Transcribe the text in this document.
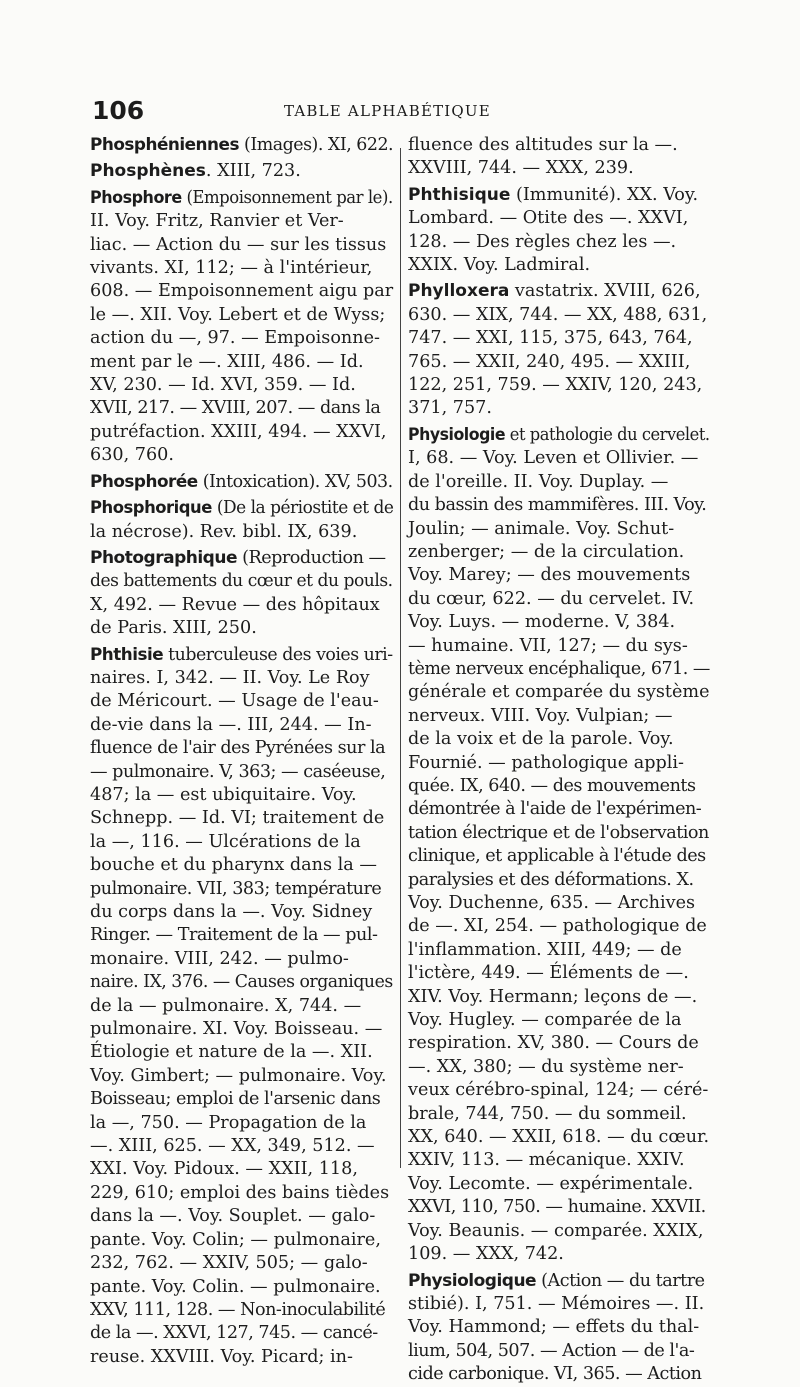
106	TABLE ALPHABÉTIQUE
Phosphéniennes (Images). XI, 622.
Phosphènes. XIII, 723.
Phosphore (Empoisonnement par le).
II. Voy. Fritz, Ranvier et Ver-
liac. — Action du — sur les tissus
vivants. XI, 112; — à l'intérieur,
608. — Empoisonnement aigu par
le —. XII. Voy. Lebert et de Wyss;
action du —, 97. — Empoisonne-
ment par le —. XIII, 486. — Id.
XV, 230. — Id. XVI, 359. — Id.
XVII, 217. — XVIII, 207. — dans la
putréfaction. XXIII, 494. — XXVI,
630, 760.
Phosphorée (Intoxication). XV, 503.
Phosphorique (De la périostite et de
la nécrose). Rev. bibl. IX, 639.
Photographique (Reproduction —
des battements du cœur et du pouls.
X, 492. — Revue — des hôpitaux
de Paris. XIII, 250.
Phthisie tuberculeuse des voies uri-
naires. I, 342. — II. Voy. Le Roy
de Méricourt. — Usage de l'eau-
de-vie dans la —. III, 244. — In-
fluence de l'air des Pyrénées sur la
— pulmonaire. V, 363; — caséeuse,
487; la — est ubiquitaire. Voy.
Schnepp. — Id. VI; traitement de
la —, 116. — Ulcérations de la
bouche et du pharynx dans la —
pulmonaire. VII, 383; température
du corps dans la —. Voy. Sidney
Ringer. — Traitement de la — pul-
monaire. VIII, 242. — pulmo-
naire. IX, 376. — Causes organiques
de la — pulmonaire. X, 744. —
pulmonaire. XI. Voy. Boisseau. —
Étiologie et nature de la —. XII.
Voy. Gimbert; — pulmonaire. Voy.
Boisseau; emploi de l'arsenic dans
la —, 750. — Propagation de la
—. XIII, 625. — XX, 349, 512. —
XXI. Voy. Pidoux. — XXII, 118,
229, 610; emploi des bains tièdes
dans la —. Voy. Souplet. — galo-
pante. Voy. Colin; — pulmonaire,
232, 762. — XXIV, 505; — galo-
pante. Voy. Colin. — pulmonaire.
XXV, 111, 128. — Non-inoculabilité
de la —. XXVI, 127, 745. — cancé-
reuse. XXVIII. Voy. Picard; in-
fluence des altitudes sur la —.
XXVIII, 744. — XXX, 239.
Phthisique (Immunité). XX. Voy.
Lombard. — Otite des —. XXVI,
128. — Des règles chez les —.
XXIX. Voy. Ladmiral.
Phylloxera vastatrix. XVIII, 626,
630. — XIX, 744. — XX, 488, 631,
747. — XXI, 115, 375, 643, 764,
765. — XXII, 240, 495. — XXIII,
122, 251, 759. — XXIV, 120, 243,
371, 757.
Physiologie et pathologie du cervelet.
I, 68. — Voy. Leven et Ollivier. —
de l'oreille. II. Voy. Duplay. —
du bassin des mammifères. III. Voy.
Joulin; — animale. Voy. Schut-
zenberger; — de la circulation.
Voy. Marey; — des mouvements
du cœur, 622. — du cervelet. IV.
Voy. Luys. — moderne. V, 384.
— humaine. VII, 127; — du sys-
tème nerveux encéphalique, 671. —
générale et comparée du système
nerveux. VIII. Voy. Vulpian; —
de la voix et de la parole. Voy.
Fournié. — pathologique appli-
quée. IX, 640. — des mouvements
démontrée à l'aide de l'expérimen-
tation électrique et de l'observation
clinique, et applicable à l'étude des
paralysies et des déformations. X.
Voy. Duchenne, 635. — Archives
de —. XI, 254. — pathologique de
l'inflammation. XIII, 449; — de
l'ictère, 449. — Éléments de —.
XIV. Voy. Hermann; leçons de —.
Voy. Hugley. — comparée de la
respiration. XV, 380. — Cours de
—. XX, 380; — du système ner-
veux cérébro-spinal, 124; — céré-
brale, 744, 750. — du sommeil.
XX, 640. — XXII, 618. — du cœur.
XXIV, 113. — mécanique. XXIV.
Voy. Lecomte. — expérimentale.
XXVI, 110, 750. — humaine. XXVII.
Voy. Beaunis. — comparée. XXIX,
109. — XXX, 742.
Physiologique (Action — du tartre
stibié). I, 751. — Mémoires —. II.
Voy. Hammond; — effets du thal-
lium, 504, 507. — Action — de l'a-
cide carbonique. VI, 365. — Action
